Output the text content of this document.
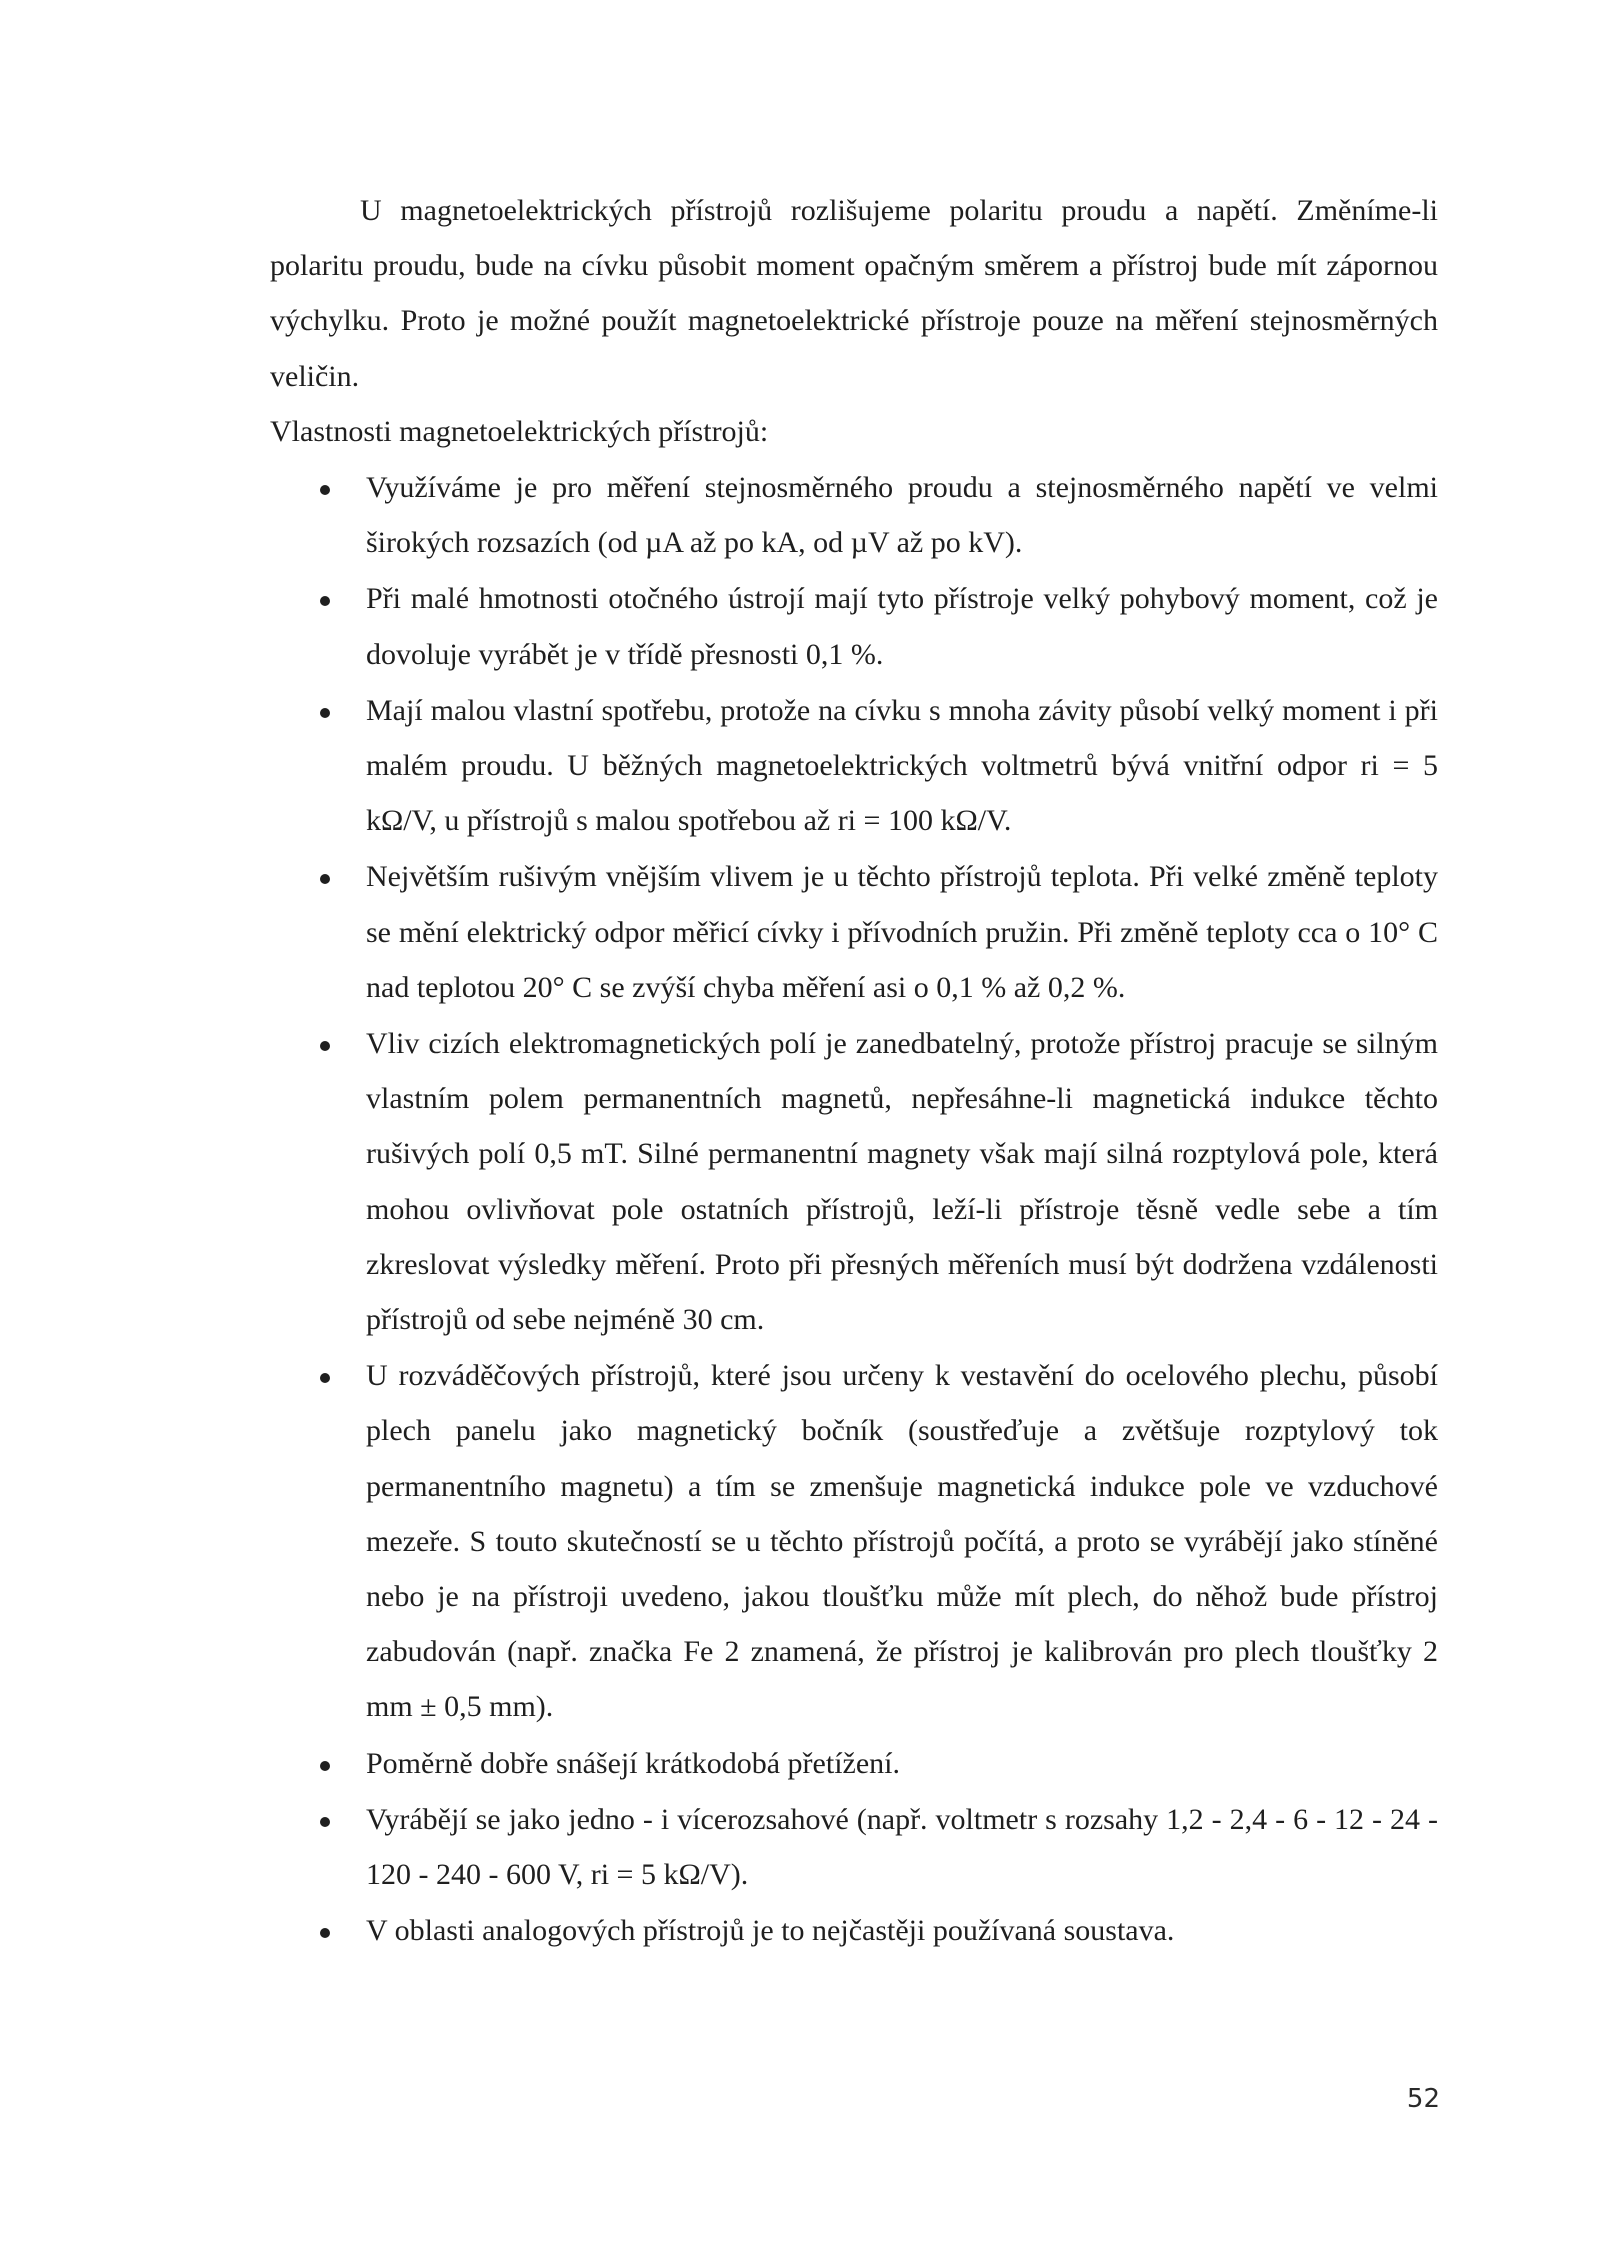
U magnetoelektrických přístrojů rozlišujeme polaritu proudu a napětí. Změníme-li polaritu proudu, bude na cívku působit moment opačným směrem a přístroj bude mít zápornou výchylku. Proto je možné použít magnetoelektrické přístroje pouze na měření stejnosměrných veličin.

Vlastnosti magnetoelektrických přístrojů:

Využíváme je pro měření stejnosměrného proudu a stejnosměrného napětí ve velmi širokých rozsazích (od µA až po kA, od µV až po kV).
Při malé hmotnosti otočného ústrojí mají tyto přístroje velký pohybový moment, což je dovoluje vyrábět je v třídě přesnosti 0,1 %.
Mají malou vlastní spotřebu, protože na cívku s mnoha závity působí velký moment i při malém proudu. U běžných magnetoelektrických voltmetrů bývá vnitřní odpor ri = 5 kΩ/V, u přístrojů s malou spotřebou až ri = 100 kΩ/V.
Největším rušivým vnějším vlivem je u těchto přístrojů teplota. Při velké změně teploty se mění elektrický odpor měřicí cívky i přívodních pružin. Při změně teploty cca o 10° C nad teplotou 20° C se zvýší chyba měření asi o 0,1 % až 0,2 %.
Vliv cizích elektromagnetických polí je zanedbatelný, protože přístroj pracuje se silným vlastním polem permanentních magnetů, nepřesáhne-li magnetická indukce těchto rušivých polí 0,5 mT. Silné permanentní magnety však mají silná rozptylová pole, která mohou ovlivňovat pole ostatních přístrojů, leží-li přístroje těsně vedle sebe a tím zkreslovat výsledky měření. Proto při přesných měřeních musí být dodržena vzdálenosti přístrojů od sebe nejméně 30 cm.
U rozváděčových přístrojů, které jsou určeny k vestavění do ocelového plechu, působí plech panelu jako magnetický bočník (soustřeďuje a zvětšuje rozptylový tok permanentního magnetu) a tím se zmenšuje magnetická indukce pole ve vzduchové mezeře. S touto skutečností se u těchto přístrojů počítá, a proto se vyrábějí jako stíněné nebo je na přístroji uvedeno, jakou tloušťku může mít plech, do něhož bude přístroj zabudován (např. značka Fe 2 znamená, že přístroj je kalibrován pro plech tloušťky 2 mm ± 0,5 mm).
Poměrně dobře snášejí krátkodobá přetížení.
Vyrábějí se jako jedno - i vícerozsahové (např. voltmetr s rozsahy 1,2 - 2,4 - 6 - 12 - 24 - 120 - 240 - 600 V, ri = 5 kΩ/V).
V oblasti analogových přístrojů je to nejčastěji používaná soustava.
52
